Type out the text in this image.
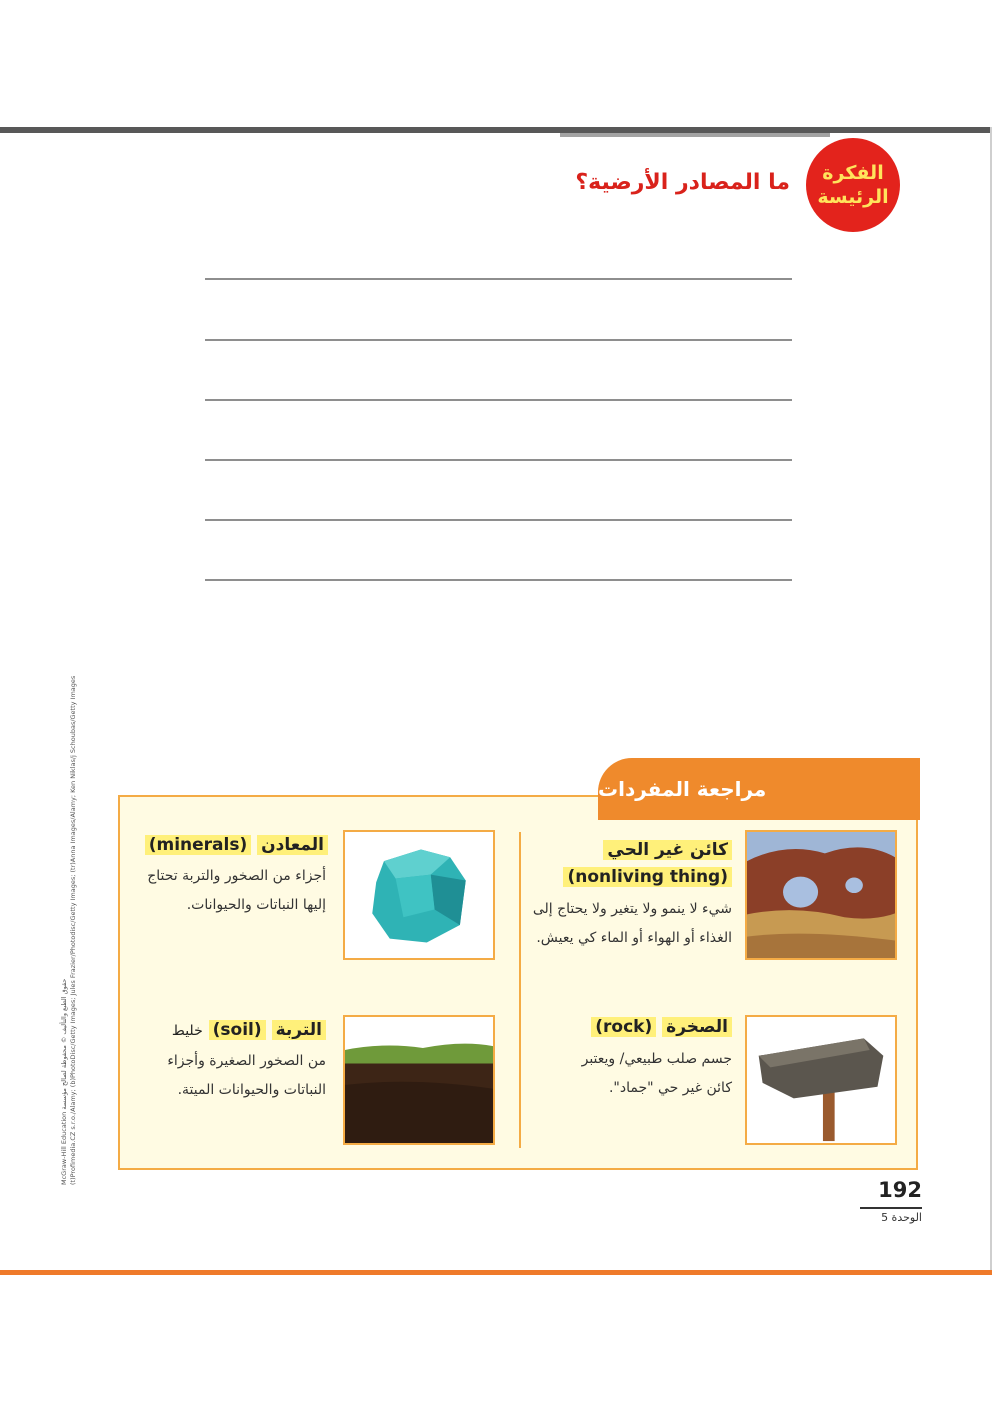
الفكرة
الرئيسة
ما المصادر الأرضية؟
McGraw-Hill Education حقوق الطبع والتأليف © محفوظة لصالح مؤسسة (t)Profimedia.CZ s.r.o./Alamy; (b)PhotoDisc/Getty Images; Jules Frazier/Photodisc/Getty Images; (tr)Anna Images/Alamy; Ken Niklas/j Schoubas/Getty Images	مراجعة المفردات
كائن غير الحي
(nonliving thing)
شيء لا ينمو ولا يتغير ولا يحتاج إلى الغذاء أو الهواء أو الماء كي يعيش.
المعادن (minerals)
أجزاء من الصخور والتربة تحتاج إليها النباتات والحيوانات.
الصخرة (rock)
جسم صلب طبيعي/ ويعتبر كائن غير حي "جماد".
التربة (soil) خليط
من الصخور الصغيرة وأجزاء النباتات والحيوانات الميتة.
192
الوحدة 5
